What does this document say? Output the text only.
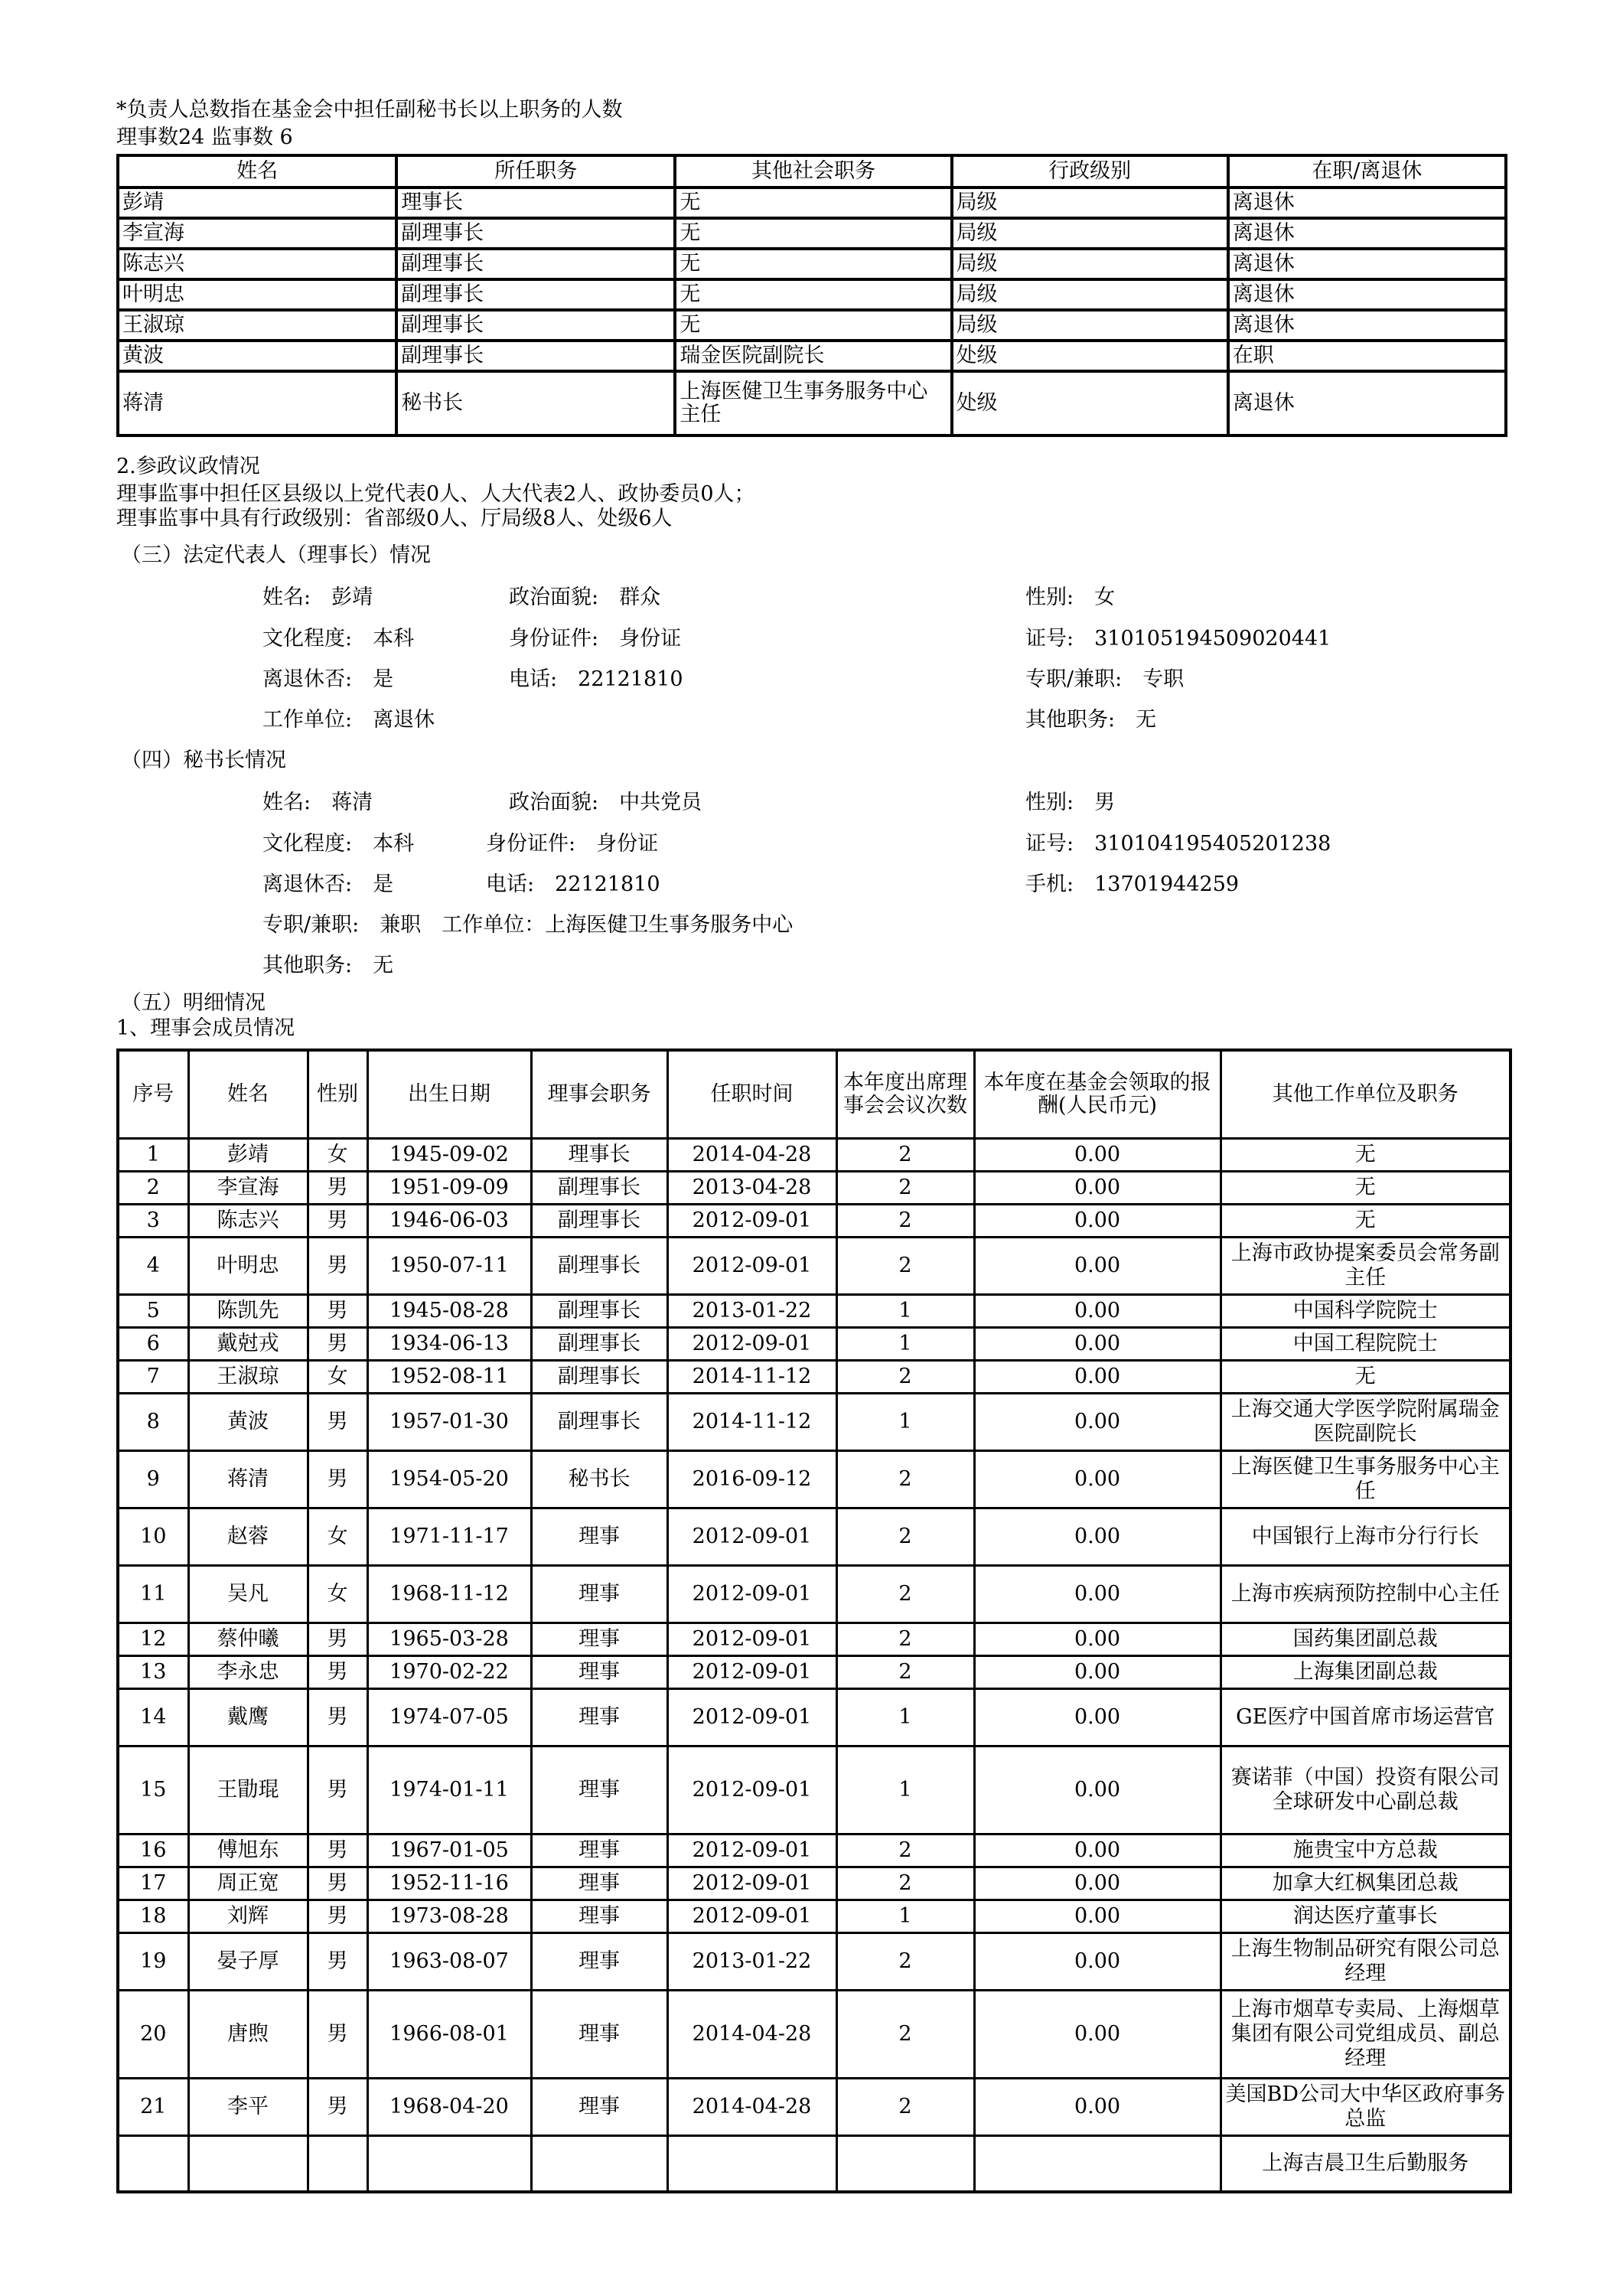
*负责人总数指在基金会中担任副秘书长以上职务的人数
理事数24 监事数 6
姓名	所任职务	其他社会职务	行政级别	在职/离退休
彭靖	理事长	无	局级	离退休
李宣海	副理事长	无	局级	离退休
陈志兴	副理事长	无	局级	离退休
叶明忠	副理事长	无	局级	离退休
王淑琼	副理事长	无	局级	离退休
黄波	副理事长	瑞金医院副院长	处级	在职
蒋清	秘书长	上海医健卫生事务服务中心主任	处级	离退休
2.参政议政情况
理事监事中担任区县级以上党代表0人、人大代表2人、政协委员0人；
理事监事中具有行政级别：省部级0人、厅局级8人、处级6人
（三）法定代表人（理事长）情况
姓名:　彭靖	政治面貌:　群众	性别:　女
文化程度:　本科	身份证件:　身份证	证号:　310105194509020441
离退休否:　是	电话:　22121810	专职/兼职:　专职
工作单位:　离退休	其他职务:　无
（四）秘书长情况
姓名:　蒋清	政治面貌:　中共党员	性别:　男
文化程度:　本科	身份证件:　身份证	证号:　310104195405201238
离退休否:　是	电话:　22121810	手机:　13701944259
专职/兼职:　兼职　工作单位：上海医健卫生事务服务中心
其他职务:　无
（五）明细情况
1、理事会成员情况
序号	姓名	性别	出生日期	理事会职务	任职时间	本年度出席理事会会议次数	本年度在基金会领取的报酬(人民币元)	其他工作单位及职务
1	彭靖	女	1945-09-02	理事长	2014-04-28	2	0.00	无
2	李宣海	男	1951-09-09	副理事长	2013-04-28	2	0.00	无
3	陈志兴	男	1946-06-03	副理事长	2012-09-01	2	0.00	无
4	叶明忠	男	1950-07-11	副理事长	2012-09-01	2	0.00	上海市政协提案委员会常务副主任
5	陈凯先	男	1945-08-28	副理事长	2013-01-22	1	0.00	中国科学院院士
6	戴尅戎	男	1934-06-13	副理事长	2012-09-01	1	0.00	中国工程院院士
7	王淑琼	女	1952-08-11	副理事长	2014-11-12	2	0.00	无
8	黄波	男	1957-01-30	副理事长	2014-11-12	1	0.00	上海交通大学医学院附属瑞金医院副院长
9	蒋清	男	1954-05-20	秘书长	2016-09-12	2	0.00	上海医健卫生事务服务中心主任
10	赵蓉	女	1971-11-17	理事	2012-09-01	2	0.00	中国银行上海市分行行长
11	吴凡	女	1968-11-12	理事	2012-09-01	2	0.00	上海市疾病预防控制中心主任
12	蔡仲曦	男	1965-03-28	理事	2012-09-01	2	0.00	国药集团副总裁
13	李永忠	男	1970-02-22	理事	2012-09-01	2	0.00	上海集团副总裁
14	戴鹰	男	1974-07-05	理事	2012-09-01	1	0.00	GE医疗中国首席市场运营官
15	王勖琨	男	1974-01-11	理事	2012-09-01	1	0.00	赛诺菲（中国）投资有限公司全球研发中心副总裁
16	傅旭东	男	1967-01-05	理事	2012-09-01	2	0.00	施贵宝中方总裁
17	周正宽	男	1952-11-16	理事	2012-09-01	2	0.00	加拿大红枫集团总裁
18	刘辉	男	1973-08-28	理事	2012-09-01	1	0.00	润达医疗董事长
19	晏子厚	男	1963-08-07	理事	2013-01-22	2	0.00	上海生物制品研究有限公司总经理
20	唐煦	男	1966-08-01	理事	2014-04-28	2	0.00	上海市烟草专卖局、上海烟草集团有限公司党组成员、副总经理
21	李平	男	1968-04-20	理事	2014-04-28	2	0.00	美国BD公司大中华区政府事务总监
								上海吉晨卫生后勤服务
